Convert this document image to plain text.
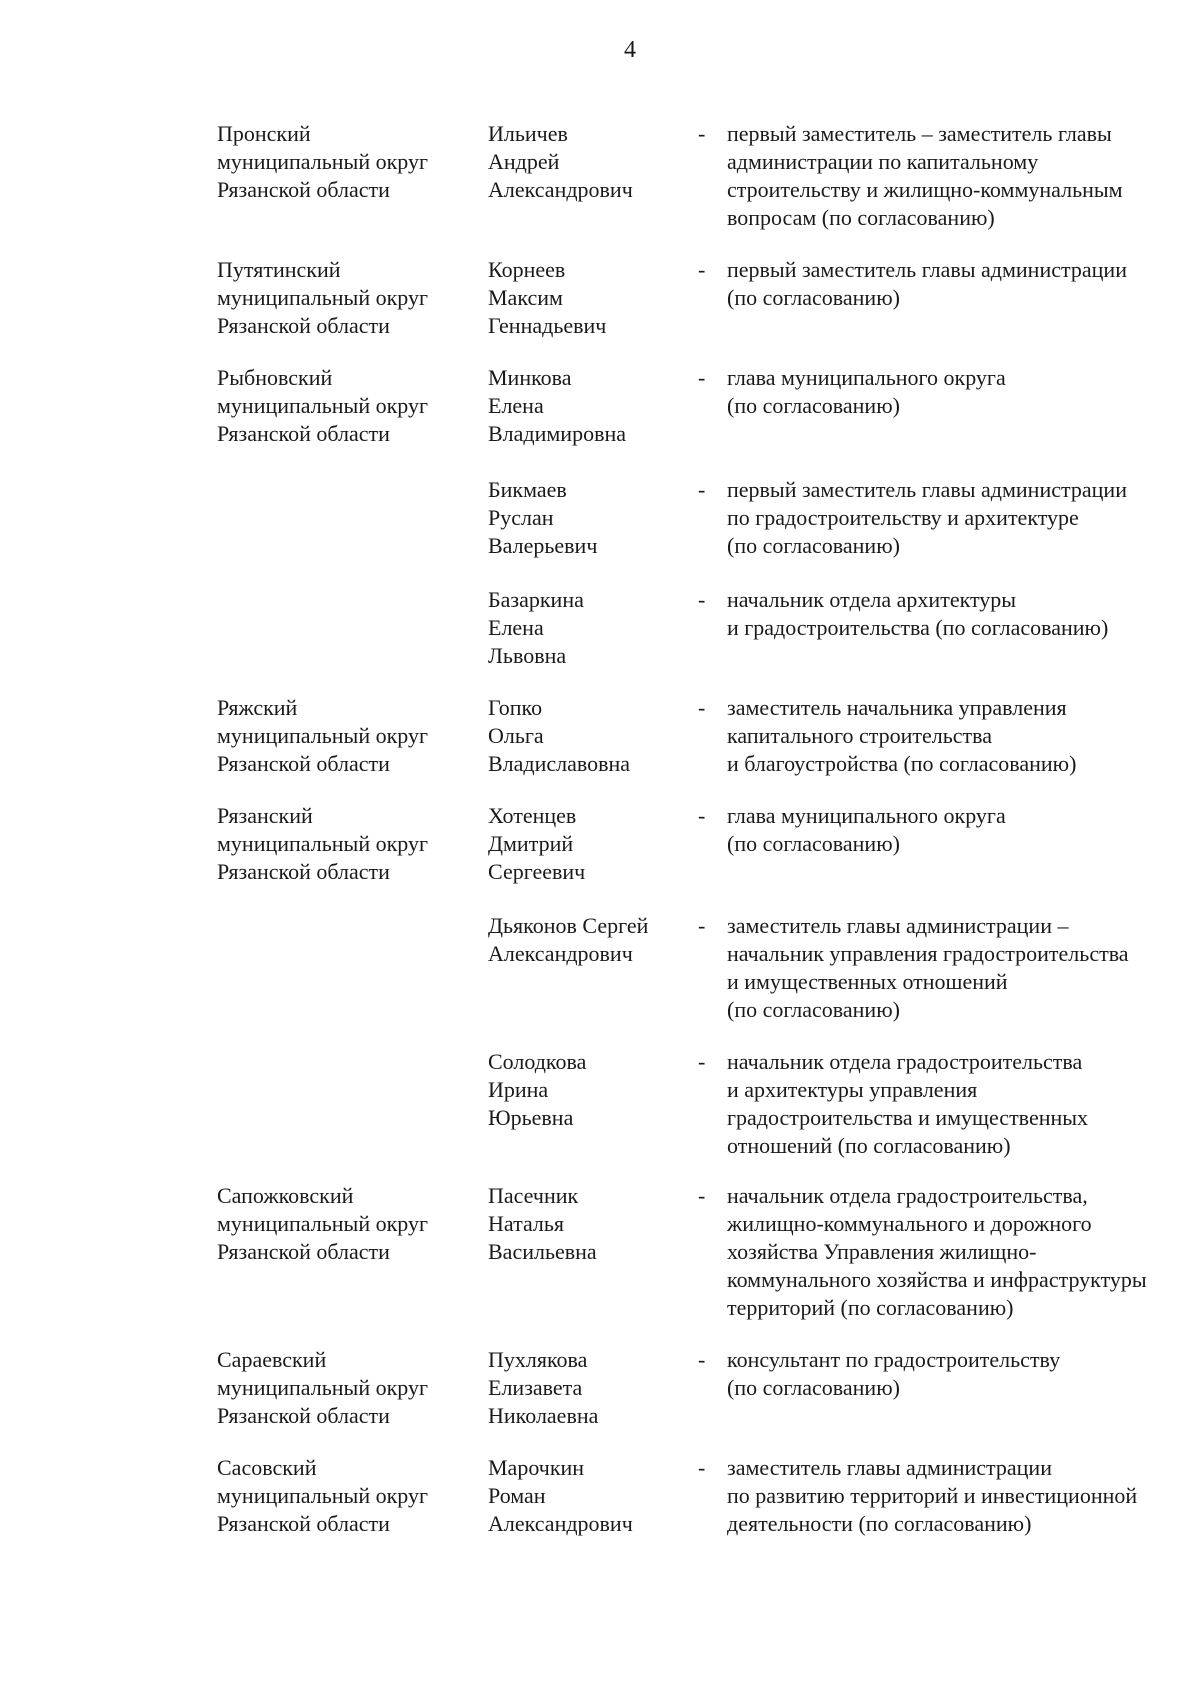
4
Пронский
муниципальный округ
Рязанской области
Ильичев
Андрей
Александрович
- первый заместитель – заместитель главы
администрации по капитальному
строительству и жилищно-коммунальным
вопросам (по согласованию)
Путятинский
муниципальный округ
Рязанской области
Корнеев
Максим
Геннадьевич
- первый заместитель главы администрации
(по согласованию)
Рыбновский
муниципальный округ
Рязанской области
Минкова
Елена
Владимировна
- глава муниципального округа
(по согласованию)
Бикмаев
Руслан
Валерьевич
- первый заместитель главы администрации
по градостроительству и архитектуре
(по согласованию)
Базаркина
Елена
Львовна
- начальник отдела архитектуры
и градостроительства (по согласованию)
Ряжский
муниципальный округ
Рязанской области
Гопко
Ольга
Владиславовна
- заместитель начальника управления
капитального строительства
и благоустройства (по согласованию)
Рязанский
муниципальный округ
Рязанской области
Хотенцев
Дмитрий
Сергеевич
- глава муниципального округа
(по согласованию)
Дьяконов Сергей
Александрович
- заместитель главы администрации –
начальник управления градостроительства
и имущественных отношений
(по согласованию)
Солодкова
Ирина
Юрьевна
- начальник отдела градостроительства
и архитектуры управления
градостроительства и имущественных
отношений (по согласованию)
Сапожковский
муниципальный округ
Рязанской области
Пасечник
Наталья
Васильевна
- начальник отдела градостроительства,
жилищно-коммунального и дорожного
хозяйства Управления жилищно-
коммунального хозяйства и инфраструктуры
территорий (по согласованию)
Сараевский
муниципальный округ
Рязанской области
Пухлякова
Елизавета
Николаевна
- консультант по градостроительству
(по согласованию)
Сасовский
муниципальный округ
Рязанской области
Марочкин
Роман
Александрович
- заместитель главы администрации
по развитию территорий и инвестиционной
деятельности (по согласованию)
